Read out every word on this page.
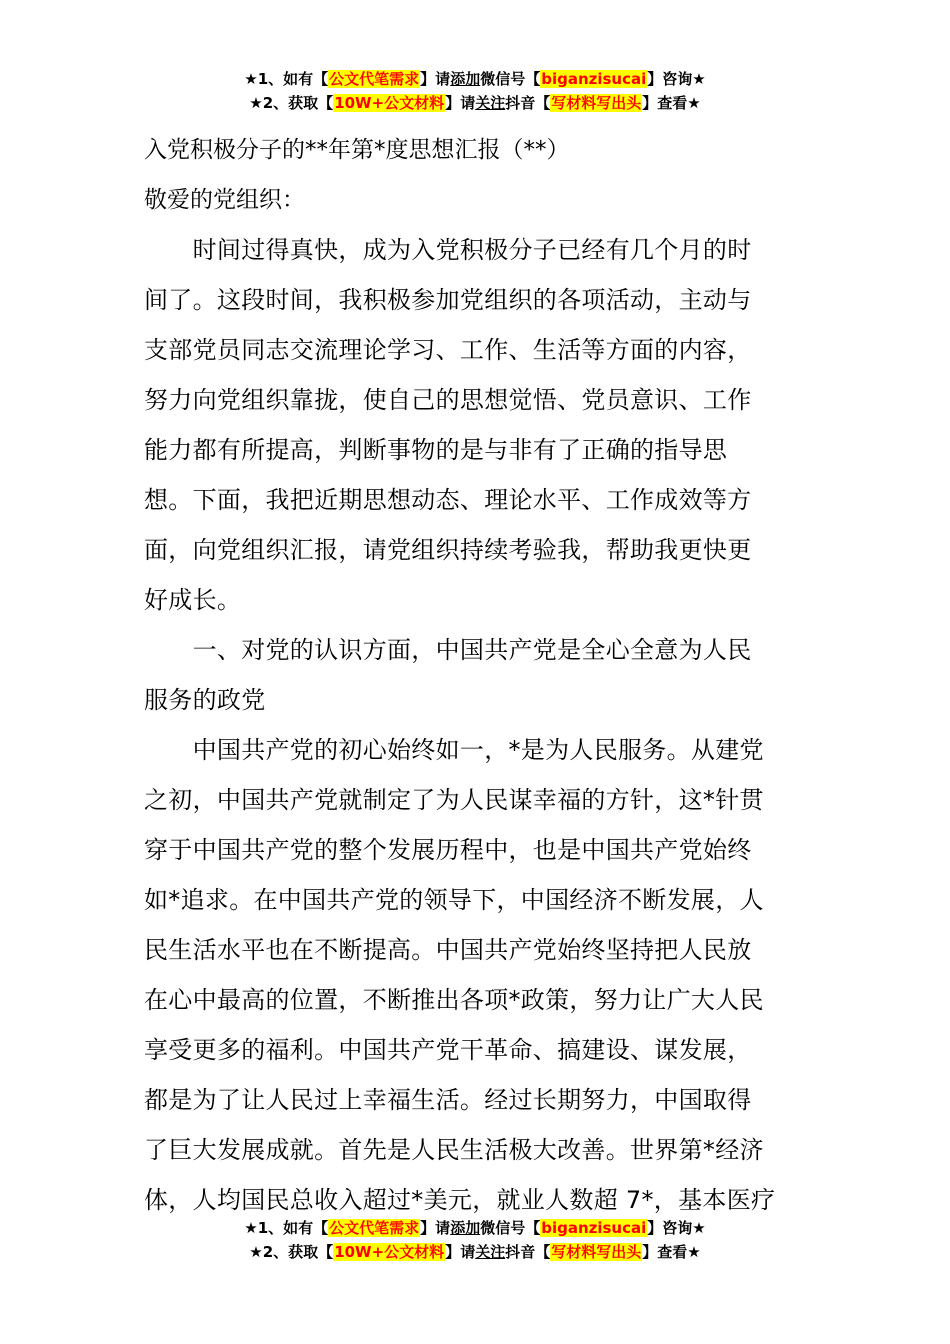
★1、如有【公文代笔需求】请添加微信号【biganzisucai】咨询★
★2、获取【10W+公文材料】请关注抖音【写材料写出头】查看★
入党积极分子的**年第*度思想汇报（**）
敬爱的党组织：
　　时间过得真快，成为入党积极分子已经有几个月的时
间了。这段时间，我积极参加党组织的各项活动，主动与
支部党员同志交流理论学习、工作、生活等方面的内容，
努力向党组织靠拢，使自己的思想觉悟、党员意识、工作
能力都有所提高，判断事物的是与非有了正确的指导思
想。下面，我把近期思想动态、理论水平、工作成效等方
面，向党组织汇报，请党组织持续考验我，帮助我更快更
好成长。
　　一、对党的认识方面，中国共产党是全心全意为人民
服务的政党
　　中国共产党的初心始终如一，*是为人民服务。从建党
之初，中国共产党就制定了为人民谋幸福的方针，这*针贯
穿于中国共产党的整个发展历程中，也是中国共产党始终
如*追求。在中国共产党的领导下，中国经济不断发展，人
民生活水平也在不断提高。中国共产党始终坚持把人民放
在心中最高的位置，不断推出各项*政策，努力让广大人民
享受更多的福利。中国共产党干革命、搞建设、谋发展，
都是为了让人民过上幸福生活。经过长期努力，中国取得
了巨大发展成就。首先是人民生活极大改善。世界第*经济
体，人均国民总收入超过*美元，就业人数超 7*，基本医疗
★1、如有【公文代笔需求】请添加微信号【biganzisucai】咨询★
★2、获取【10W+公文材料】请关注抖音【写材料写出头】查看★
